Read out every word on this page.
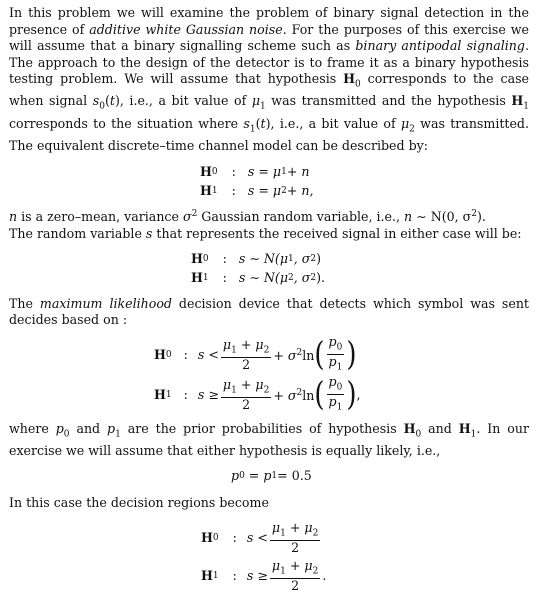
In this problem we will examine the problem of binary signal detection in the presence of additive white Gaussian noise. For the purposes of this exercise we will assume that a binary signalling scheme such as binary antipodal signaling. The approach to the design of the detector is to frame it as a binary hypothesis testing problem. We will assume that hypothesis $H_0$ corresponds to the case when signal $s_0(t)$, i.e., a bit value of $\mu_1$ was transmitted and the hypothesis $H_1$ corresponds to the situation where $s_1(t)$, i.e., a bit value of $\mu_2$ was transmitted. The equivalent discrete–time channel model can be described by:

H 0 : s = μ 1 + n
H 1 : s = μ 2 + n,

n is a zero–mean, variance $\sigma^2$ Gaussian random variable, i.e., n ∼ N(0, $\sigma^2$).
The random variable s that represents the received signal in either case will be:

H 0 : s ∼ N(μ 1 , σ 2 )
H 1 : s ∼ N(μ 2 , σ 2 ).

The maximum likelihood decision device that detects which symbol was sent decides based on :

H 0 : $s < \frac{\mu_1 + \mu_2}{2} + \sigma^2\ln$ ( $\frac{p_0}{p_1}$ )
H 1 : $s \ge \frac{\mu_1 + \mu_2}{2} + \sigma^2\ln$ ( $\frac{p_0}{p_1}$ ) ,

where $p_0$ and $p_1$ are the prior probabilities of hypothesis $H_0$ and $H_1$. In our exercise we will assume that either hypothesis is equally likely, i.e.,

p 0 = p 1 = 0.5

In this case the decision regions become

H 0 : $s < \frac{\mu_1 + \mu_2}{2}$
H 1 : $s \ge \frac{\mu_1 + \mu_2}{2}$ .
